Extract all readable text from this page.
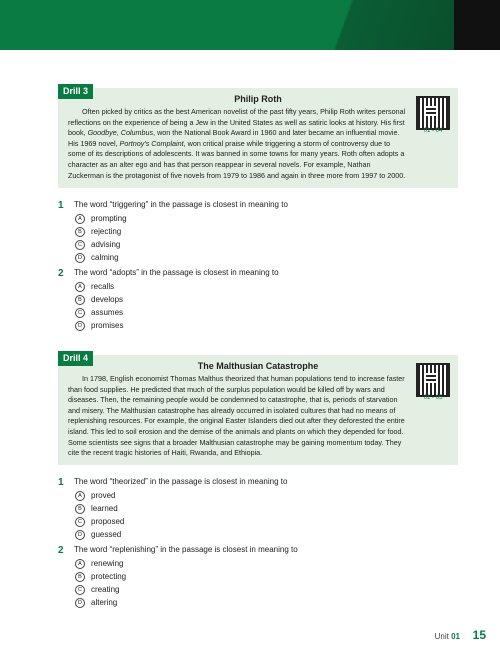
Drill 3

Philip Roth

01 - 04

Often picked by critics as the best American novelist of the past fifty years, Philip Roth writes personal reflections on the experience of being a Jew in the United States as well as satiric looks at history. His first book, Goodbye, Columbus, won the National Book Award in 1960 and later became an influential movie. His 1969 novel, Portnoy's Complaint, won critical praise while triggering a storm of controversy due to some of its descriptions of adolescents. It was banned in some towns for many years. Roth often adopts a character as an alter ego and has that person reappear in several novels. For example, Nathan Zuckerman is the protagonist of five novels from 1979 to 1986 and again in three more from 1997 to 2000.

1 The word “triggering” in the passage is closest in meaning to
A prompting
B rejecting
C advising
D calming
2 The word “adopts” in the passage is closest in meaning to
A recalls
B develops
C assumes
D promises
Drill 4

The Malthusian Catastrophe

01 - 05

In 1798, English economist Thomas Malthus theorized that human populations tend to increase faster than food supplies. He predicted that much of the surplus population would be killed off by wars and diseases. Then, the remaining people would be condemned to catastrophe, that is, periods of starvation and misery. The Malthusian catastrophe has already occurred in isolated cultures that had no means of replenishing resources. For example, the original Easter Islanders died out after they deforested the entire island. This led to soil erosion and the demise of the animals and plants on which they depended for food. Some scientists see signs that a broader Malthusian catastrophe may be gaining momentum today. They cite the recent tragic histories of Haiti, Rwanda, and Ethiopia.

1 The word “theorized” in the passage is closest in meaning to
A proved
B learned
C proposed
D guessed
2 The word “replenishing” in the passage is closest in meaning to
A renewing
B protecting
C creating
D altering
Unit 01 15
